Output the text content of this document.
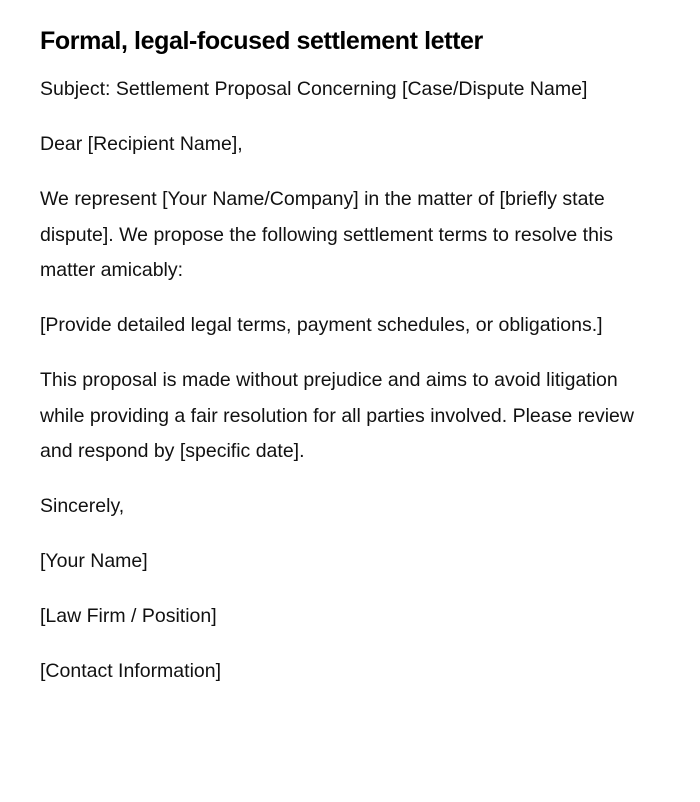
Formal, legal-focused settlement letter

Subject: Settlement Proposal Concerning [Case/Dispute Name]

Dear [Recipient Name],

We represent [Your Name/Company] in the matter of [briefly state dispute]. We propose the following settlement terms to resolve this matter amicably:

[Provide detailed legal terms, payment schedules, or obligations.]

This proposal is made without prejudice and aims to avoid litigation while providing a fair resolution for all parties involved. Please review and respond by [specific date].

Sincerely,

[Your Name]

[Law Firm / Position]

[Contact Information]
